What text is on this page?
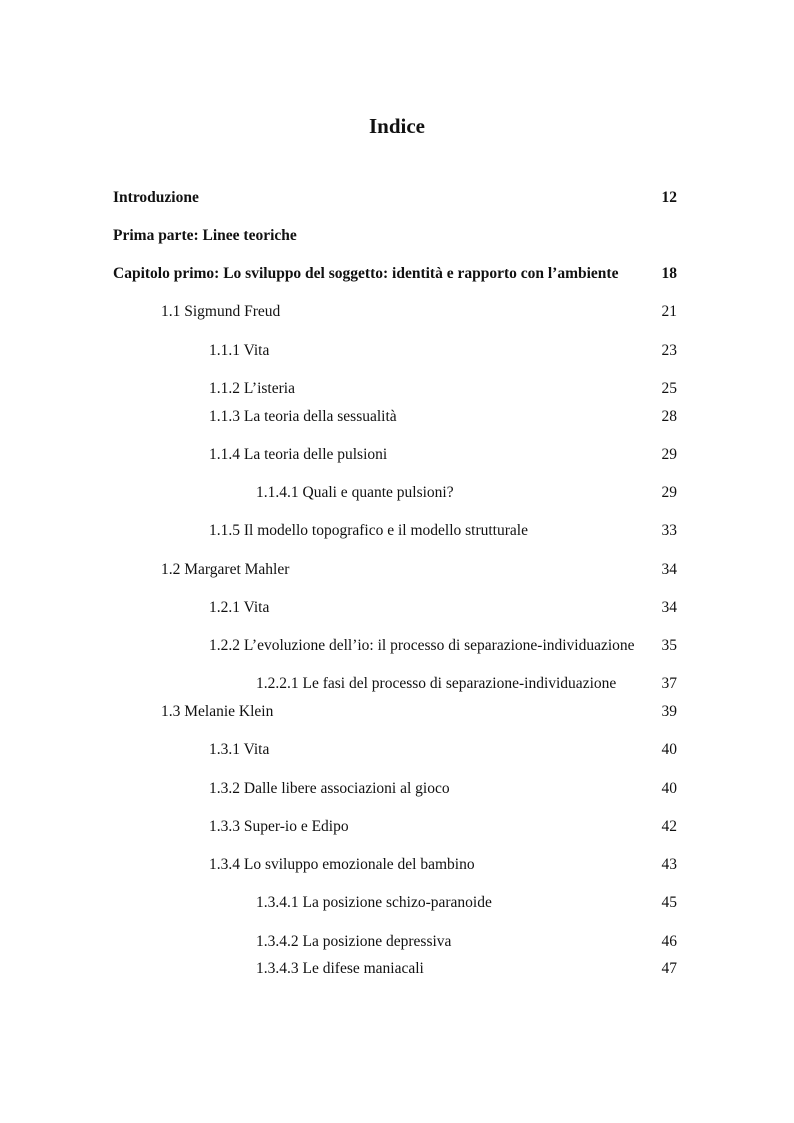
Indice
Introduzione	12
Prima parte: Linee teoriche
Capitolo primo: Lo sviluppo del soggetto: identità e rapporto con l’ambiente	18
1.1 Sigmund Freud	21
1.1.1 Vita	23
1.1.2 L’isteria	25
1.1.3 La teoria della sessualità	28
1.1.4 La teoria delle pulsioni	29
1.1.4.1 Quali e quante pulsioni?	29
1.1.5 Il modello topografico e il modello strutturale	33
1.2 Margaret Mahler	34
1.2.1 Vita	34
1.2.2 L’evoluzione dell’io: il processo di separazione-individuazione	35
1.2.2.1 Le fasi del processo di separazione-individuazione	37
1.3 Melanie Klein	39
1.3.1 Vita	40
1.3.2 Dalle libere associazioni al gioco	40
1.3.3 Super-io e Edipo	42
1.3.4 Lo sviluppo emozionale del bambino	43
1.3.4.1 La posizione schizo-paranoide	45
1.3.4.2 La posizione depressiva	46
1.3.4.3 Le difese maniacali	47
